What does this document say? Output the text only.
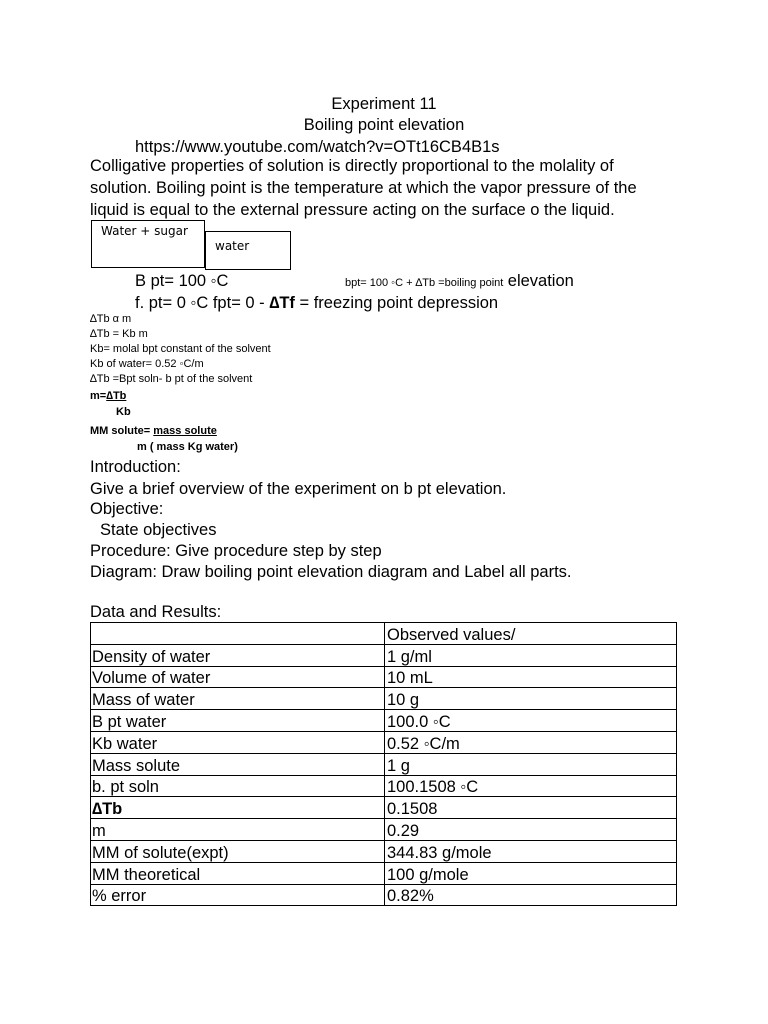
Experiment 11
Boiling point elevation
https://www.youtube.com/watch?v=OTt16CB4B1s
Colligative properties of solution is directly proportional to the molality of
solution. Boiling point is the temperature at which the vapor pressure of the
liquid is equal to the external pressure acting on the surface o the liquid.
Water + sugar
water
B pt= 100 ◦C	bpt= 100 ◦C + ∆Tb =boiling point elevation
f. pt= 0 ◦C fpt= 0 - ∆Tf = freezing point depression
∆Tb α m
∆Tb = Kb m
Kb= molal bpt constant of the solvent
Kb of water= 0.52 ◦C/m
∆Tb =Bpt soln- b pt of the solvent
m=∆Tb
Kb
MM solute= mass solute
m ( mass Kg water)
Introduction:
Give a brief overview of the experiment on b pt elevation.
Objective:
State objectives
Procedure: Give procedure step by step
Diagram: Draw boiling point elevation diagram and Label all parts.
Data and Results:
	Observed values/
Density of water	1 g/ml
Volume of water	10 mL
Mass of water	10 g
B pt water	100.0 ◦C
Kb water	0.52 ◦C/m
Mass solute	1 g
b. pt soln	100.1508 ◦C
∆Tb	0.1508
m	0.29
MM of solute(expt)	344.83 g/mole
MM theoretical	100 g/mole
% error	0.82%
